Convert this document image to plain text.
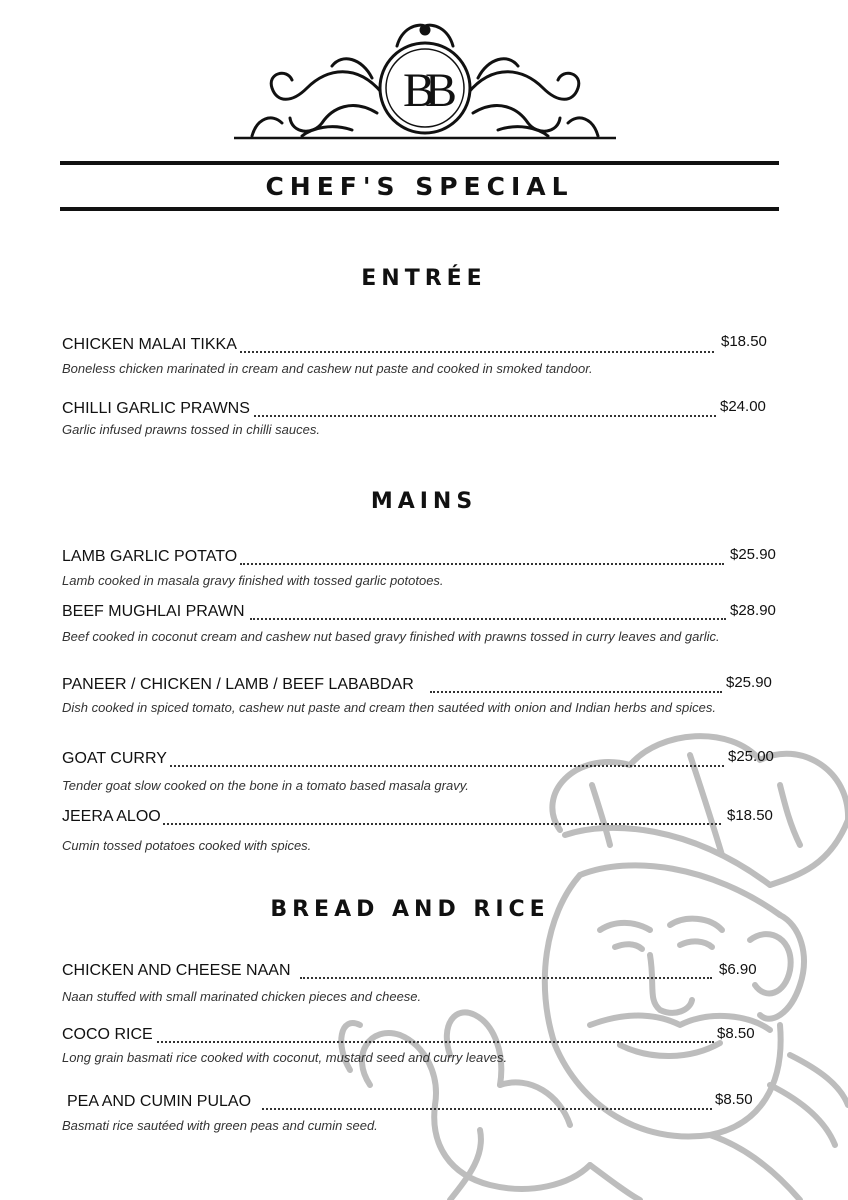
BB
CHEF'S SPECIAL
ENTRÉE
CHICKEN MALAI TIKKA	$18.50
Boneless chicken marinated in cream and cashew nut paste and cooked in smoked tandoor.
CHILLI GARLIC PRAWNS	$24.00
Garlic infused prawns tossed in chilli sauces.
MAINS
LAMB GARLIC POTATO	$25.90
Lamb cooked in masala gravy finished with tossed garlic pototoes.
BEEF MUGHLAI PRAWN	$28.90
Beef cooked in coconut cream and cashew nut based gravy finished with prawns tossed in curry leaves and garlic.
PANEER / CHICKEN / LAMB / BEEF LABABDAR	$25.90
Dish cooked in spiced tomato, cashew nut paste and cream then sautéed with onion and Indian herbs and spices.
GOAT CURRY	$25.00
Tender goat slow cooked on the bone in a tomato based masala gravy.
JEERA ALOO	$18.50
Cumin tossed potatoes cooked with spices.
BREAD AND RICE
CHICKEN AND CHEESE NAAN	$6.90
Naan stuffed with small marinated chicken pieces and cheese.
COCO RICE	$8.50
Long grain basmati rice cooked with coconut, mustard seed and curry leaves.
PEA AND CUMIN PULAO	$8.50
Basmati rice sautéed with green peas and cumin seed.
